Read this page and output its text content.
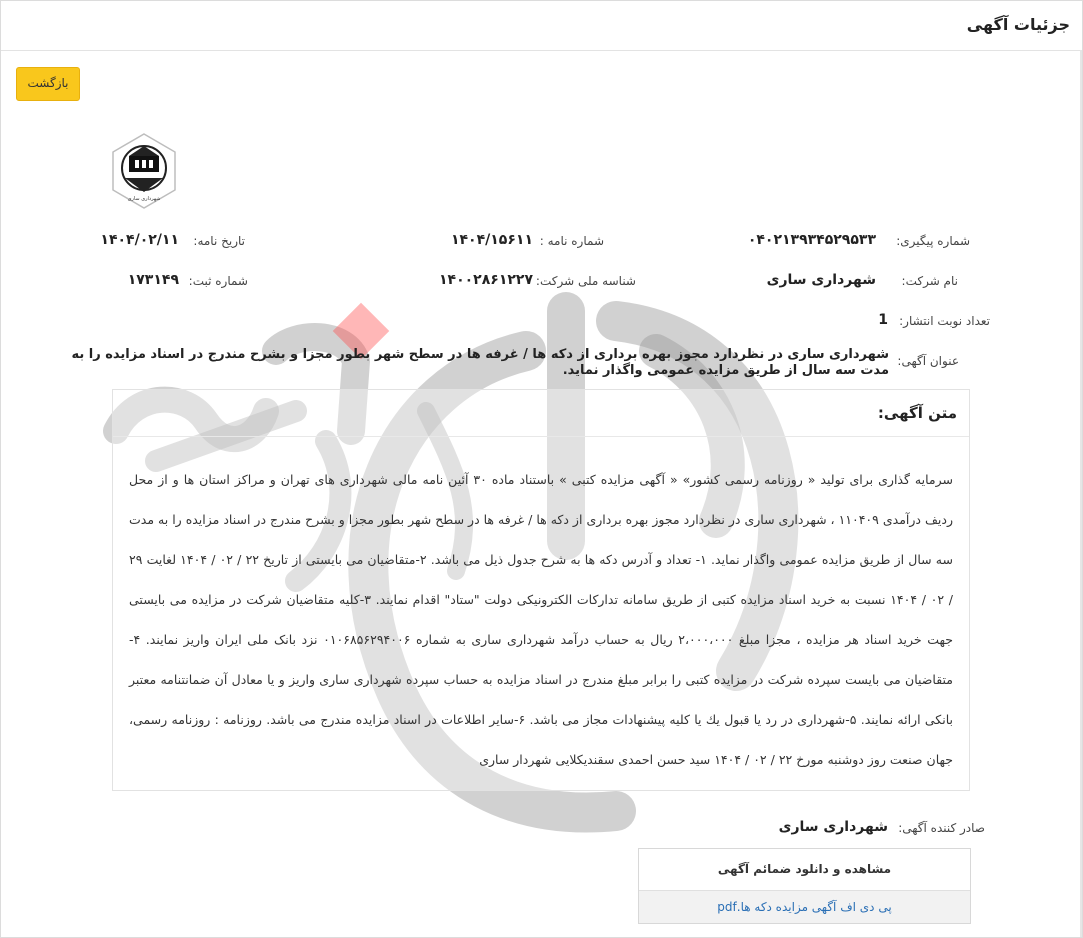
جزئیات آگهی
بازگشت
شهرداری ساری
شماره پیگیری:
۰۴۰۲۱۳۹۳۴۵۲۹۵۳۳
شماره نامه :
۱۴۰۴/۱۵۶۱۱
تاریخ نامه:
۱۴۰۴/۰۲/۱۱
نام شرکت:
شهرداری ساری
شناسه ملی شرکت:
۱۴۰۰۲۸۶۱۲۲۷
شماره ثبت:
۱۷۳۱۴۹
تعداد نوبت انتشار:
1
عنوان آگهی:
شهرداری ساری در نظردارد مجوز بهره برداری از دکه ها / غرفه ها در سطح شهر بطور مجزا و بشرح مندرج در اسناد مزایده را به مدت سه سال از طریق مزایده عمومی واگذار نماید.
متن آگهی:
سرمایه گذاری برای تولید « روزنامه رسمی کشور» « آگهی مزایده کتبی » باستناد ماده ۳۰ آئین نامه مالی شهرداری های تهران و مراکز استان ها و از محل ردیف درآمدی ۱۱۰۴۰۹ ، شهرداری ساری در نظردارد مجوز بهره برداری از دکه ها / غرفه ها در سطح شهر بطور مجزا و بشرح مندرج در اسناد مزایده را به مدت سه سال از طریق مزایده عمومی واگذار نماید. ۱- تعداد و آدرس دکه ها به شرح جدول ذیل می باشد. ۲-متقاضیان می بایستی از تاریخ ۲۲ / ۰۲ / ۱۴۰۴ لغایت ۲۹ / ۰۲ / ۱۴۰۴ نسبت به خرید اسناد مزایده کتبی از طریق سامانه تدارکات الکترونیکی دولت "ستاد" اقدام نمایند. ۳-کلیه متقاضیان شرکت در مزایده می بایستی جهت خرید اسناد هر مزایده ، مجزا مبلغ ۲،۰۰۰،۰۰۰ ریال به حساب درآمد شهرداری ساری به شماره ۰۱۰۶۸۵۶۲۹۴۰۰۶ نزد بانک ملی ایران واریز نمایند. ۴-متقاضیان می بایست سپرده شرکت در مزایده کتبی را برابر مبلغ مندرج در اسناد مزایده به حساب سپرده شهرداری ساری واریز و یا معادل آن ضمانتنامه معتبر بانکی ارائه نمایند. ۵-شهرداری در رد یا قبول یك یا کلیه پیشنهادات مجاز می باشد. ۶-سایر اطلاعات در اسناد مزایده مندرج می باشد. روزنامه : روزنامه رسمی، جهان صنعت روز دوشنبه مورخ ۲۲ / ۰۲ / ۱۴۰۴ سید حسن احمدی سقندیکلایی شهردار ساری
صادر کننده آگهی:
شهرداری ساری
مشاهده و دانلود ضمائم آگهی
پی دی اف آگهی مزایده دکه ها.pdf
